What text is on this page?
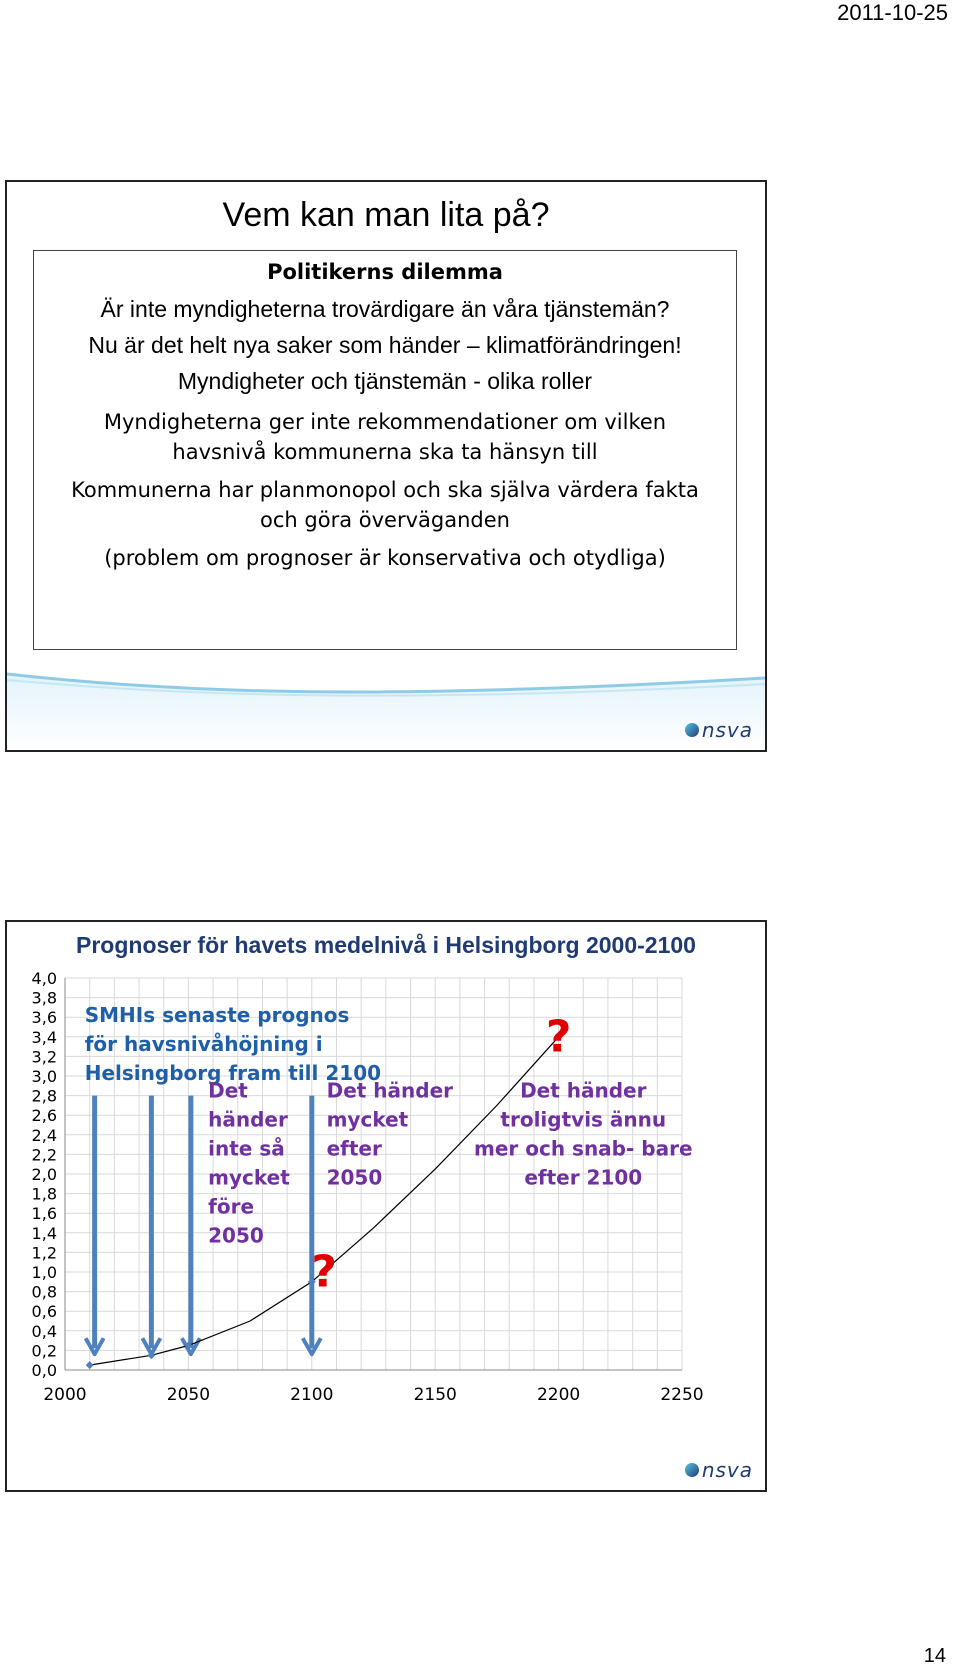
2011-10-25
Vem kan man lita på?
Politikerns dilemma
Är inte myndigheterna trovärdigare än våra tjänstemän?
Nu är det helt nya saker som händer – klimatförändringen!
Myndigheter och tjänstemän - olika roller
Myndigheterna ger inte rekommendationer om vilken
havsnivå kommunerna ska ta hänsyn till
Kommunerna har planmonopol och ska själva värdera fakta
och göra överväganden
(problem om prognoser är konservativa och otydliga)
nsva
Prognoser för havets medelnivå i Helsingborg 2000-2100
0,0
0,2
0,4
0,6
0,8
1,0
1,2
1,4
1,6
1,8
2,0
2,2
2,4
2,6
2,8
3,0
3,2
3,4
3,6
3,8
4,0
2000	2050	2100	2150	2200	2250
SMHIs senaste prognos
för havsnivåhöjning i
Helsingborg fram till 2100
Det
händer
inte så
mycket
före
2050
Det händer
mycket
efter
2050
Det händer
troligtvis ännu
mer och snab- bare
efter 2100
?
?
nsva
14
